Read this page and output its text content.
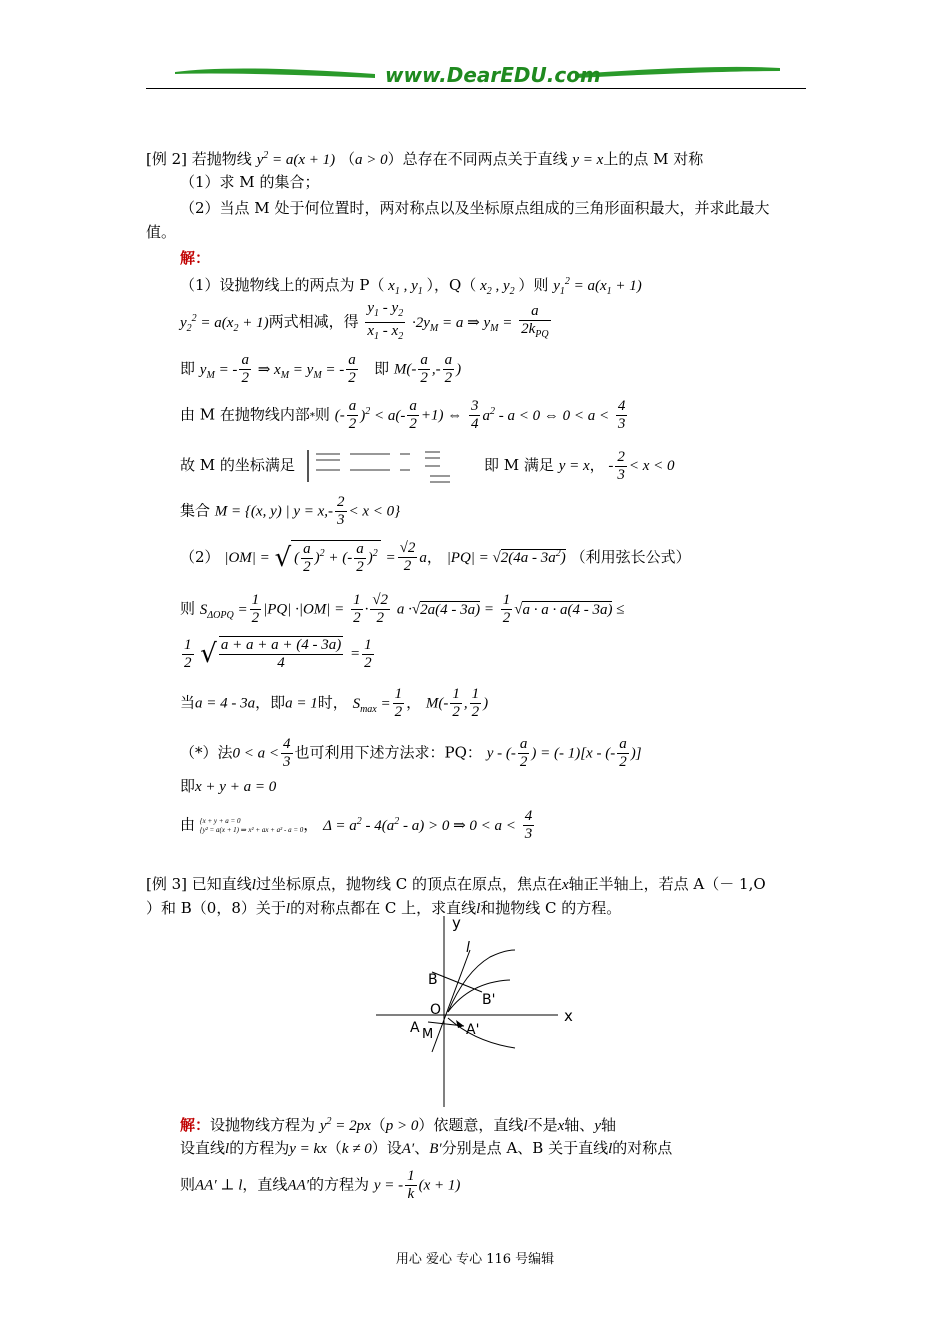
www.DearEDU.com
[例 2] 若抛物线 $y^2 = a(x + 1) (a > 0)$总存在不同两点关于直线 y = x上的点 M 对称
（1）求 M 的集合；
（2）当点 M 处于何位置时，两对称点以及坐标原点组成的三角形面积最大，并求此最大
值。
解：
（1）设抛物线上的两点为 P（ $x_1$ , $y_1$ ），Q（ $x_2$ , $y_2$ ）则 $y_1^2 = a(x_1 + 1)$
$y_2^2 = a(x_2 + 1)$两式相减，得 $\frac{y_1 - y_2}{x_1 - x_2} \cdot 2y_M = a$ ⇒ $y_M = \frac{a}{2k_{PQ}}$
即 $y_M$ = - $\frac{a}{2}$ ⇒ $x_M = y_M$ = - $\frac{a}{2}$ 即 $M(- \frac{a}{2}$ ,- $\frac{a}{2}$ )
由 M 在抛物线内部*则 (- $\frac{a}{2} )^2 < a(- \frac{a}{2} +1)$ ⇔ $\frac{3}{4} a^2 - a < 0$ ⇔ $0 < a < \frac{4}{3}$
故 M 的坐标满足	即 M 满足 y = x， - $\frac{2}{3} < x < 0$
集合 M = {(x, y) | $y = x,- \frac{2}{3} < x < 0$}
（2） |OM| = √ ( $\frac{a}{2} )^2$ + (- $\frac{a}{2} )^2 = \frac{√2}{2}$ a， $|PQ| = √2(4a - 3a^2)$ （利用弦长公式）
则 $S_{\Delta OPQ} = \frac{1}{2} |PQ| \cdot|OM| = \frac{1}{2} \cdot \frac{√2}{2}$ $a \cdot√2a(4 - 3a) = \frac{1}{2} √a \cdot a \cdot a(4 - 3a)$ ≤
$\frac{1}{2}$ √ $\frac{a + a + a + (4 - 3a)}{4} = \frac{1}{2}$
当a = 4 - 3a，即a = 1时， $S_{max} = \frac{1}{2}$ ， $M(- \frac{1}{2}$ , $\frac{1}{2}$ )
（*）法$0 < a < \frac{4}{3}$ 也可利用下述方法求：PQ： y - (- $\frac{a}{2}$ ) = (- 1)[x - (- $\frac{a}{2}$ )]
即x + y + a = 0
由 {x + y + a = 0
{y² = a(x + 1) ⇒ x² + ax + a² - a = 0， $\Delta = a^2 - 4(a^2 - a) > 0$ ⇒ $0 < a < \frac{4}{3}$
[例 3] 已知直线l过坐标原点，抛物线 C 的顶点在原点，焦点在x轴正半轴上，若点 A（－ 1,O
）和 B（0，8）关于l的对称点都在 C 上，求直线l和抛物线 C 的方程。
x
y
l
B
B'
O
A M A'
解：设抛物线方程为 $y^2 = 2px(p > 0)$依题意，直线l不是x轴、y轴
设直线l的方程为y = kx（k ≠ 0）设A′、B′分别是点 A、B 关于直线l的对称点
则AA′ ⊥ l，直线AA′的方程为 y = - $\frac{1}{k} (x + 1)$
用心 爱心 专心 116 号编辑
